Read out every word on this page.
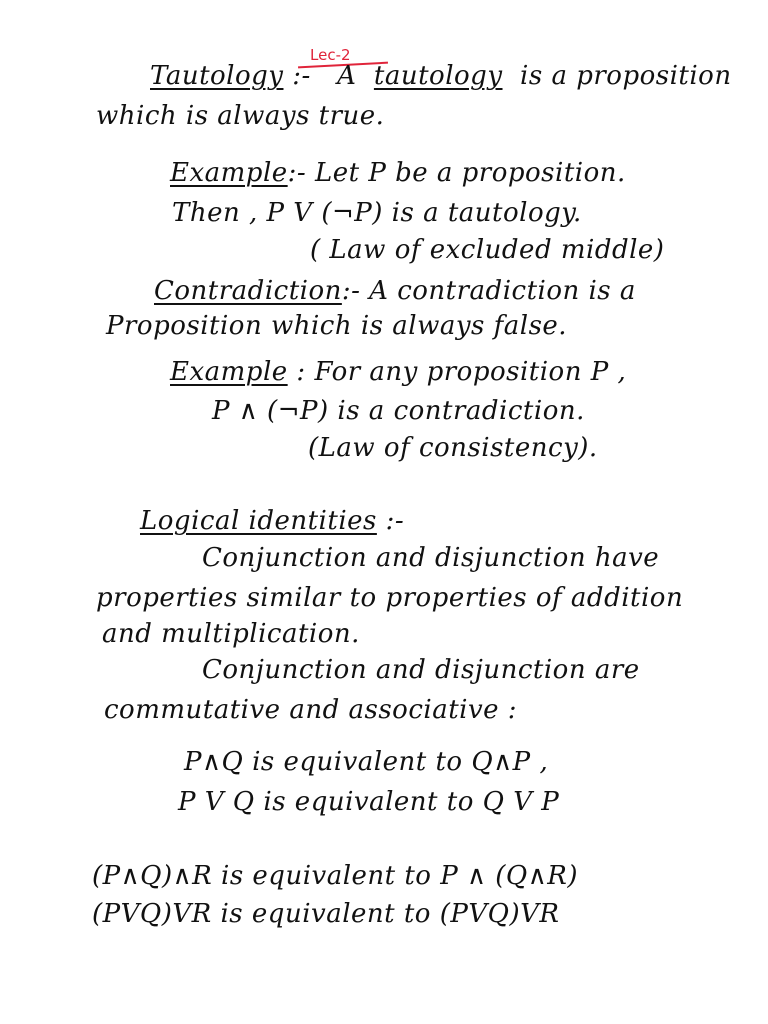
Lec-2
Tautology :- A tautology is a proposition
which is always true.
Example:- Let P be a proposition.
Then , P V (¬P) is a tautology.
( Law of excluded middle)
Contradiction:- A contradiction is a
Proposition which is always false.
Example : For any proposition P ,
P ∧ (¬P) is a contradiction.
(Law of consistency).
Logical identities :-
Conjunction and disjunction have
properties similar to properties of addition
and multiplication.
Conjunction and disjunction are
commutative and associative :
P∧Q is equivalent to Q∧P ,
P V Q is equivalent to Q V P
(P∧Q)∧R is equivalent to P ∧ (Q∧R)
(PVQ)VR is equivalent to (PVQ)VR
